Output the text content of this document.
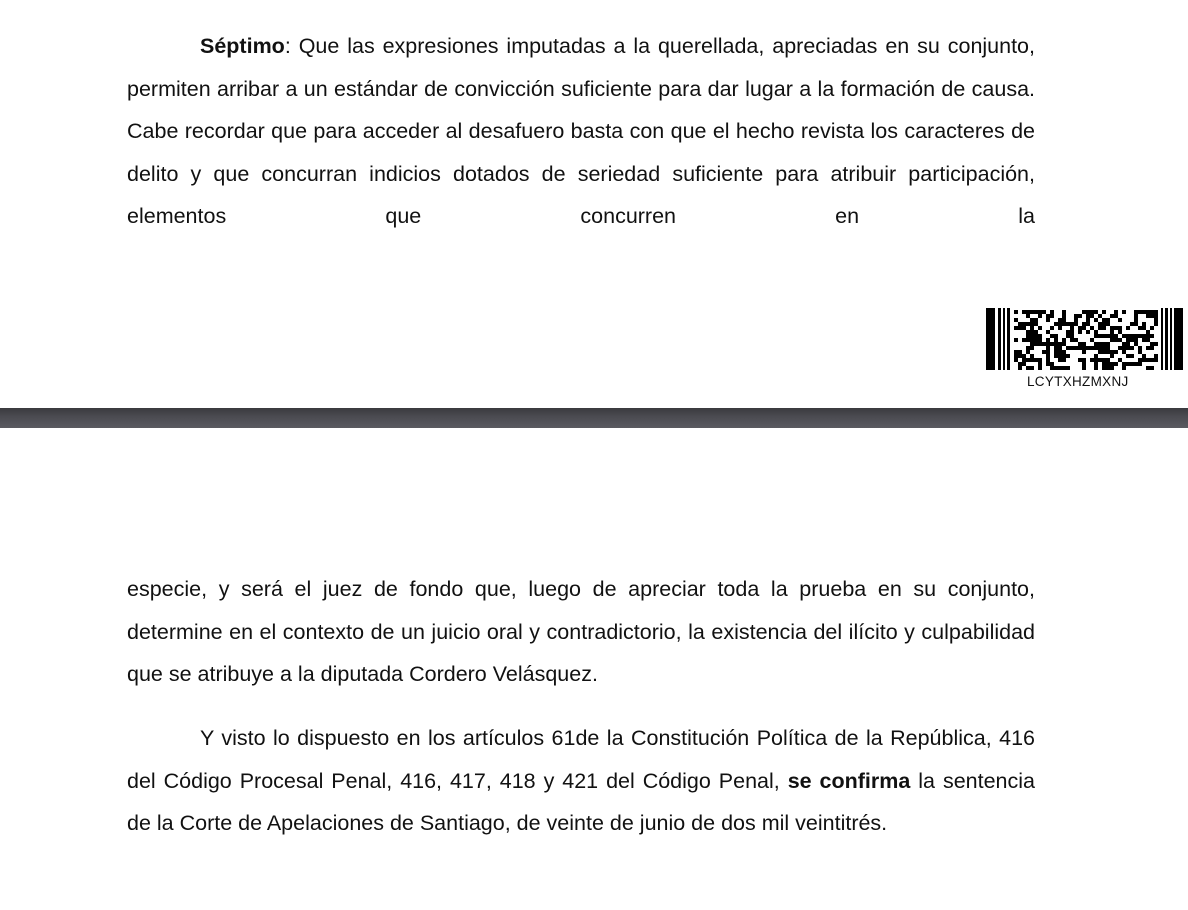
Séptimo: Que las expresiones imputadas a la querellada, apreciadas en su conjunto, permiten arribar a un estándar de convicción suficiente para dar lugar a la formación de causa. Cabe recordar que para acceder al desafuero basta con que el hecho revista los caracteres de delito y que concurran indicios dotados de seriedad suficiente para atribuir participación, elementos que concurren en la

LCYTXHZMXNJ

especie, y será el juez de fondo que, luego de apreciar toda la prueba en su conjunto, determine en el contexto de un juicio oral y contradictorio, la existencia del ilícito y culpabilidad que se atribuye a la diputada Cordero Velásquez.

Y visto lo dispuesto en los artículos 61de la Constitución Política de la República, 416 del Código Procesal Penal, 416, 417, 418 y 421 del Código Penal, se confirma la sentencia de la Corte de Apelaciones de Santiago, de veinte de junio de dos mil veintitrés.
